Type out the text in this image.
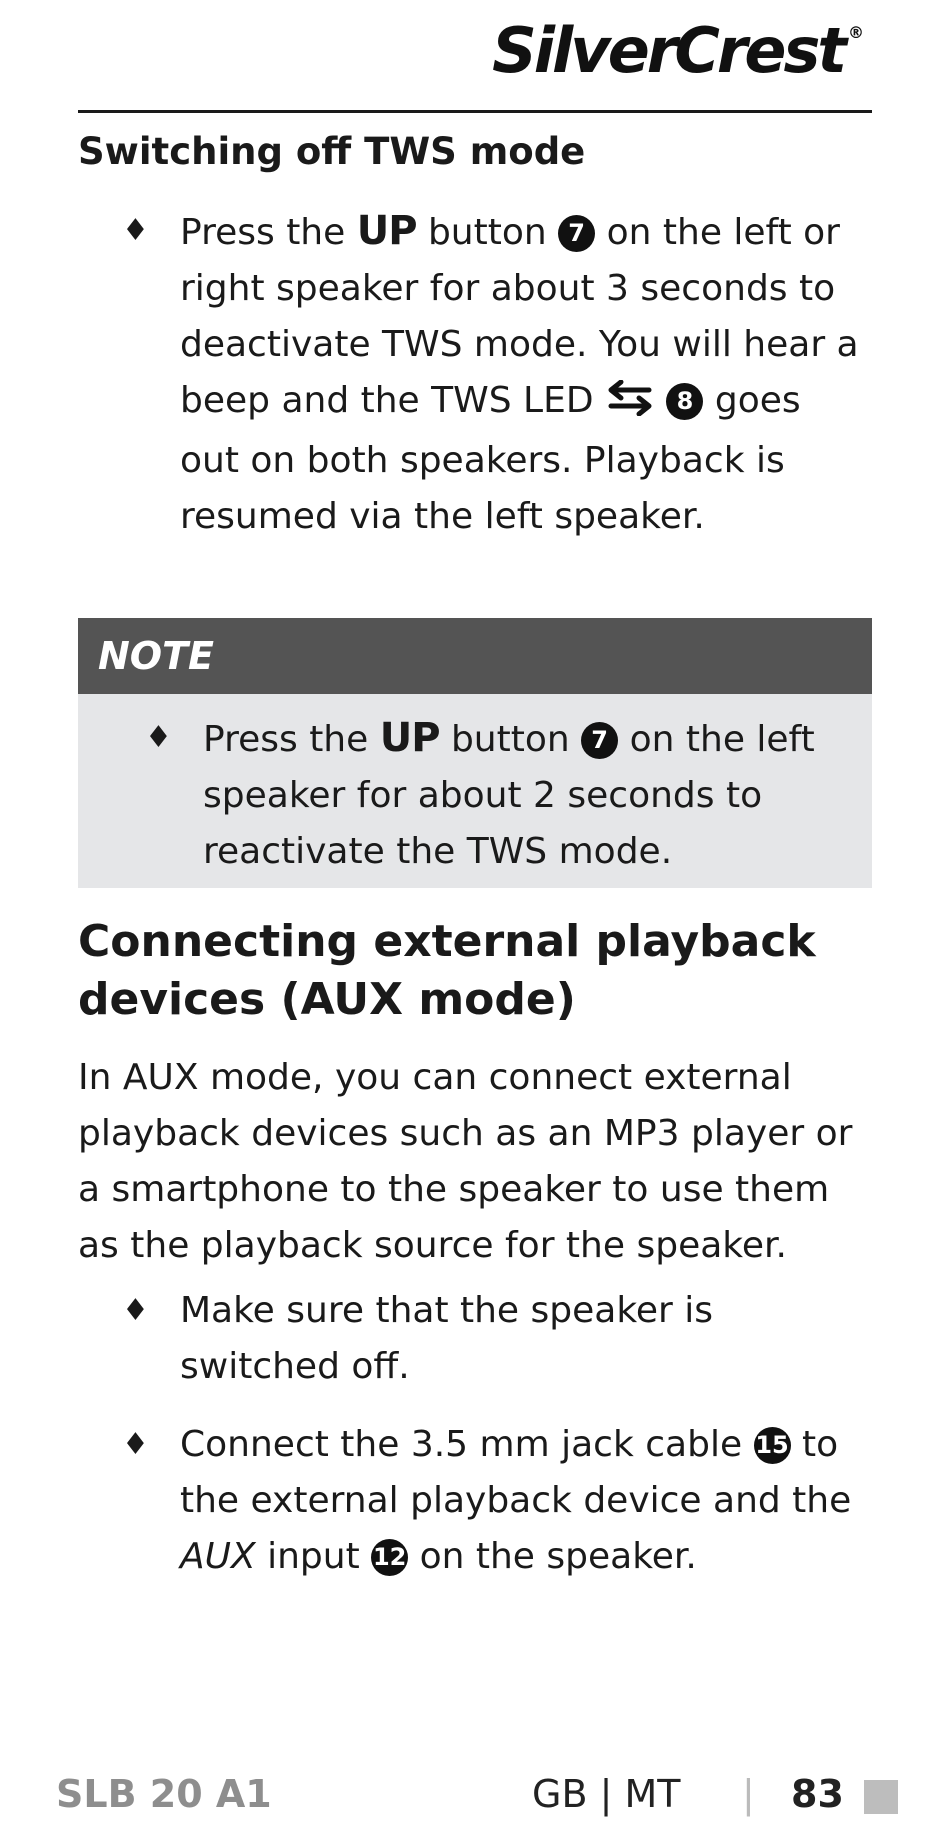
SilverCrest ®
Switching off TWS mode
♦ Press the UP button 7 on the left or right speaker for about 3 seconds to deactivate TWS mode. You will hear a beep and the TWS LED	8 goes out on both speakers. Playback is resumed via the left speaker.
NOTE
♦ Press the UP button 7 on the left speaker for about 2 seconds to reactivate the TWS mode.
Connecting external playback devices (AUX mode)

In AUX mode, you can connect external playback devices such as an MP3 player or a smartphone to the speaker to use them as the playback source for the speaker.

♦ Make sure that the speaker is switched off.
♦ Connect the 3.5 mm jack cable 15 to the external playback device and the AUX input 12 on the speaker.
SLB 20 A1	GB | MT | 83
